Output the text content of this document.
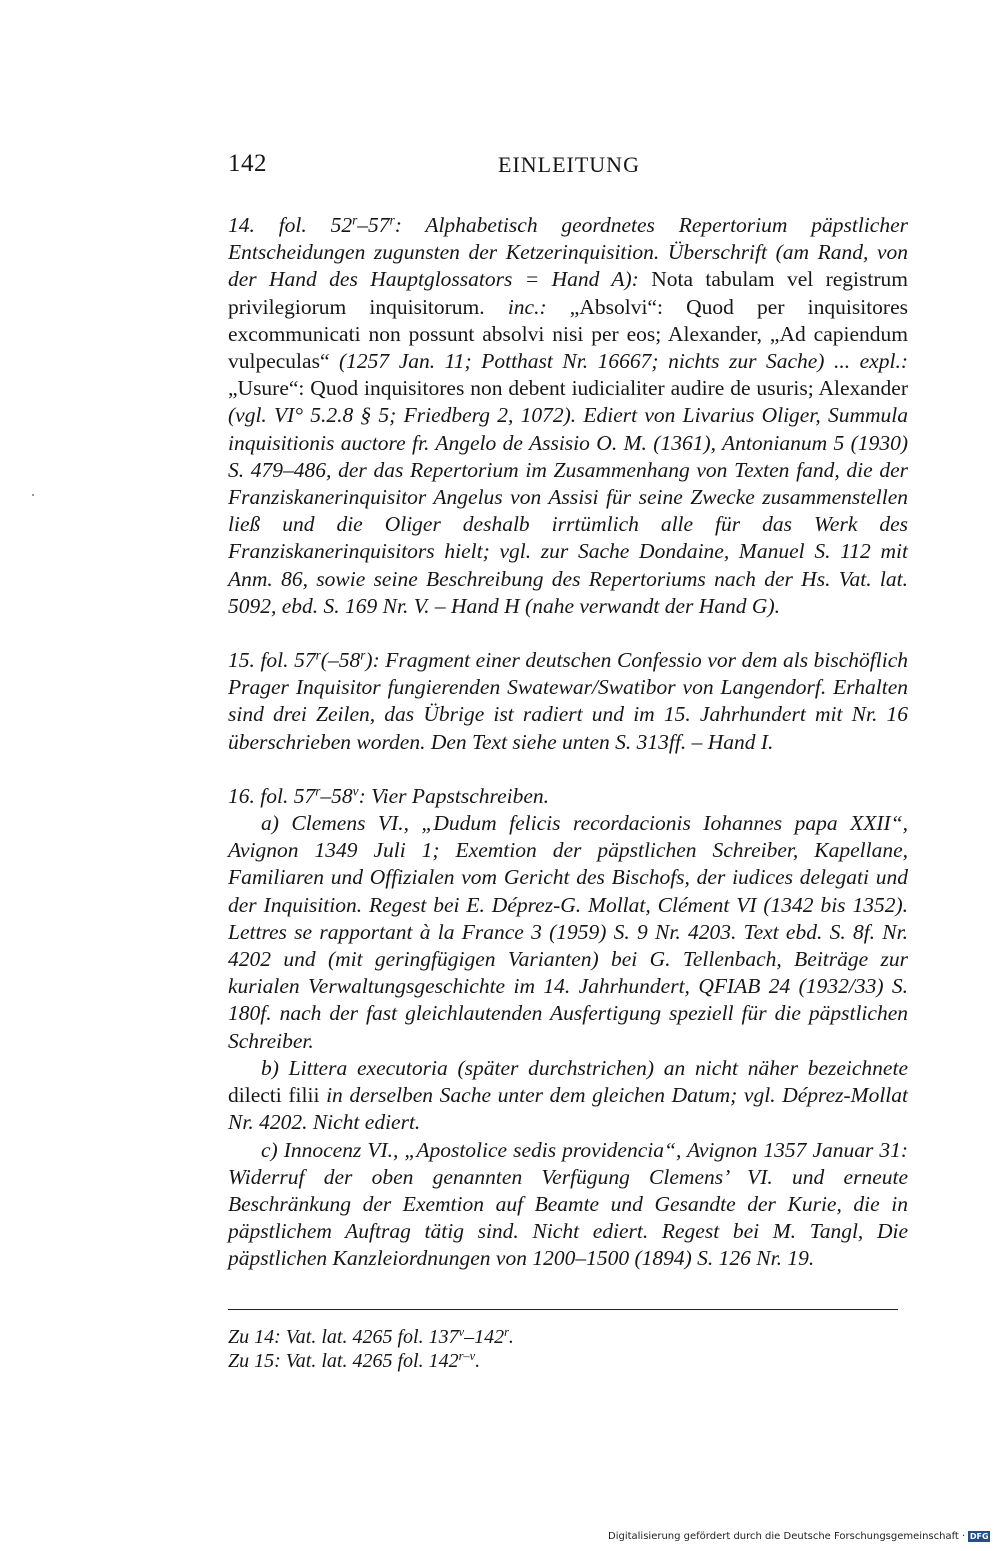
142	EINLEITUNG

14. fol. 52$^r$–57$^r$: Alphabetisch geordnetes Repertorium päpstlicher Entscheidungen zugunsten der Ketzerinquisition. Überschrift (am Rand, von der Hand des Hauptglossators = Hand A): Nota tabulam vel registrum privilegiorum inquisitorum. inc.: „Absolvi“: Quod per inquisitores excommunicati non possunt absolvi nisi per eos; Alexander, „Ad capiendum vulpeculas“ (1257 Jan. 11; Potthast Nr. 16667; nichts zur Sache) ... expl.: „Usure“: Quod inquisitores non debent iudicialiter audire de usuris; Alexander (vgl. VI° 5.2.8 § 5; Friedberg 2, 1072). Ediert von Livarius Oliger, Summula inquisitionis auctore fr. Angelo de Assisio O. M. (1361), Antonianum 5 (1930) S. 479–486, der das Repertorium im Zusammenhang von Texten fand, die der Franziskanerinquisitor Angelus von Assisi für seine Zwecke zusammenstellen ließ und die Oliger deshalb irrtümlich alle für das Werk des Franziskanerinquisitors hielt; vgl. zur Sache Dondaine, Manuel S. 112 mit Anm. 86, sowie seine Beschreibung des Repertoriums nach der Hs. Vat. lat. 5092, ebd. S. 169 Nr. V. – Hand H (nahe verwandt der Hand G).

15. fol. 57$^r$(–58$^r$): Fragment einer deutschen Confessio vor dem als bischöflich Prager Inquisitor fungierenden Swatewar/Swatibor von Langendorf. Erhalten sind drei Zeilen, das Übrige ist radiert und im 15. Jahrhundert mit Nr. 16 überschrieben worden. Den Text siehe unten S. 313ff. – Hand I.

16. fol. 57$^r$–58$^v$: Vier Papstschreiben.

a) Clemens VI., „Dudum felicis recordacionis Iohannes papa XXII“, Avignon 1349 Juli 1; Exemtion der päpstlichen Schreiber, Kapellane, Familiaren und Offizialen vom Gericht des Bischofs, der iudices delegati und der Inquisition. Regest bei E. Déprez-G. Mollat, Clément VI (1342 bis 1352). Lettres se rapportant à la France 3 (1959) S. 9 Nr. 4203. Text ebd. S. 8f. Nr. 4202 und (mit geringfügigen Varianten) bei G. Tellenbach, Beiträge zur kurialen Verwaltungsgeschichte im 14. Jahrhundert, QFIAB 24 (1932/33) S. 180f. nach der fast gleichlautenden Ausfertigung speziell für die päpstlichen Schreiber.

b) Littera executoria (später durchstrichen) an nicht näher bezeichnete dilecti filii in derselben Sache unter dem gleichen Datum; vgl. Déprez-Mollat Nr. 4202. Nicht ediert.

c) Innocenz VI., „Apostolice sedis providencia“, Avignon 1357 Januar 31: Widerruf der oben genannten Verfügung Clemens’ VI. und erneute Beschränkung der Exemtion auf Beamte und Gesandte der Kurie, die in päpstlichem Auftrag tätig sind. Nicht ediert. Regest bei M. Tangl, Die päpstlichen Kanzleiordnungen von 1200–1500 (1894) S. 126 Nr. 19.

Zu 14: Vat. lat. 4265 fol. 137$^v$–142$^r$.
Zu 15: Vat. lat. 4265 fol. 142$^{r-v}$.
Digitalisierung gefördert durch die Deutsche Forschungsgemeinschaft · DFG
